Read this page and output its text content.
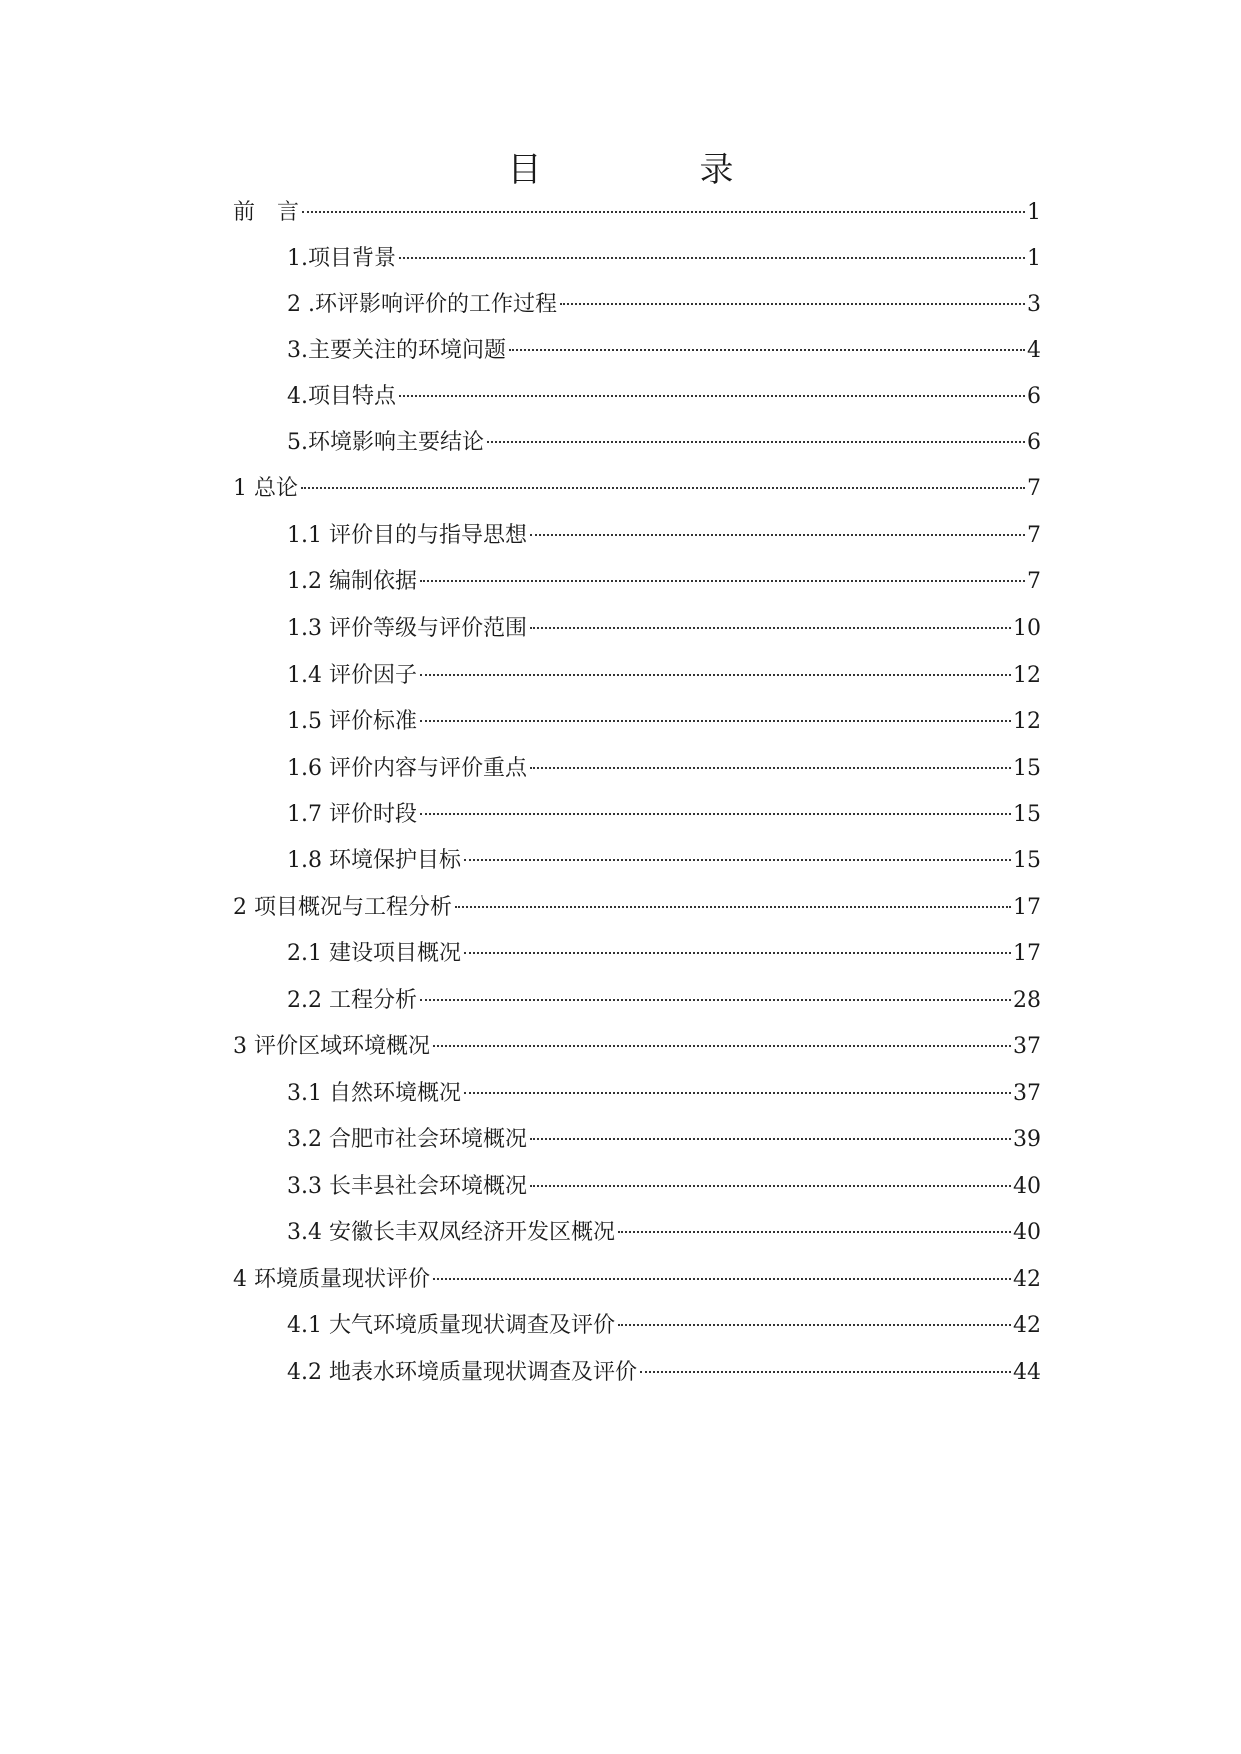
目　录
前　言	1
1.项目背景	1
2 .环评影响评价的工作过程	3
3.主要关注的环境问题	4
4.项目特点	6
5.环境影响主要结论	6
1 总论	7
1.1 评价目的与指导思想	7
1.2 编制依据	7
1.3 评价等级与评价范围	10
1.4 评价因子	12
1.5 评价标准	12
1.6 评价内容与评价重点	15
1.7 评价时段	15
1.8 环境保护目标	15
2 项目概况与工程分析	17
2.1 建设项目概况	17
2.2 工程分析	28
3 评价区域环境概况	37
3.1 自然环境概况	37
3.2 合肥市社会环境概况	39
3.3 长丰县社会环境概况	40
3.4 安徽长丰双凤经济开发区概况	40
4 环境质量现状评价	42
4.1 大气环境质量现状调查及评价	42
4.2 地表水环境质量现状调查及评价	44
